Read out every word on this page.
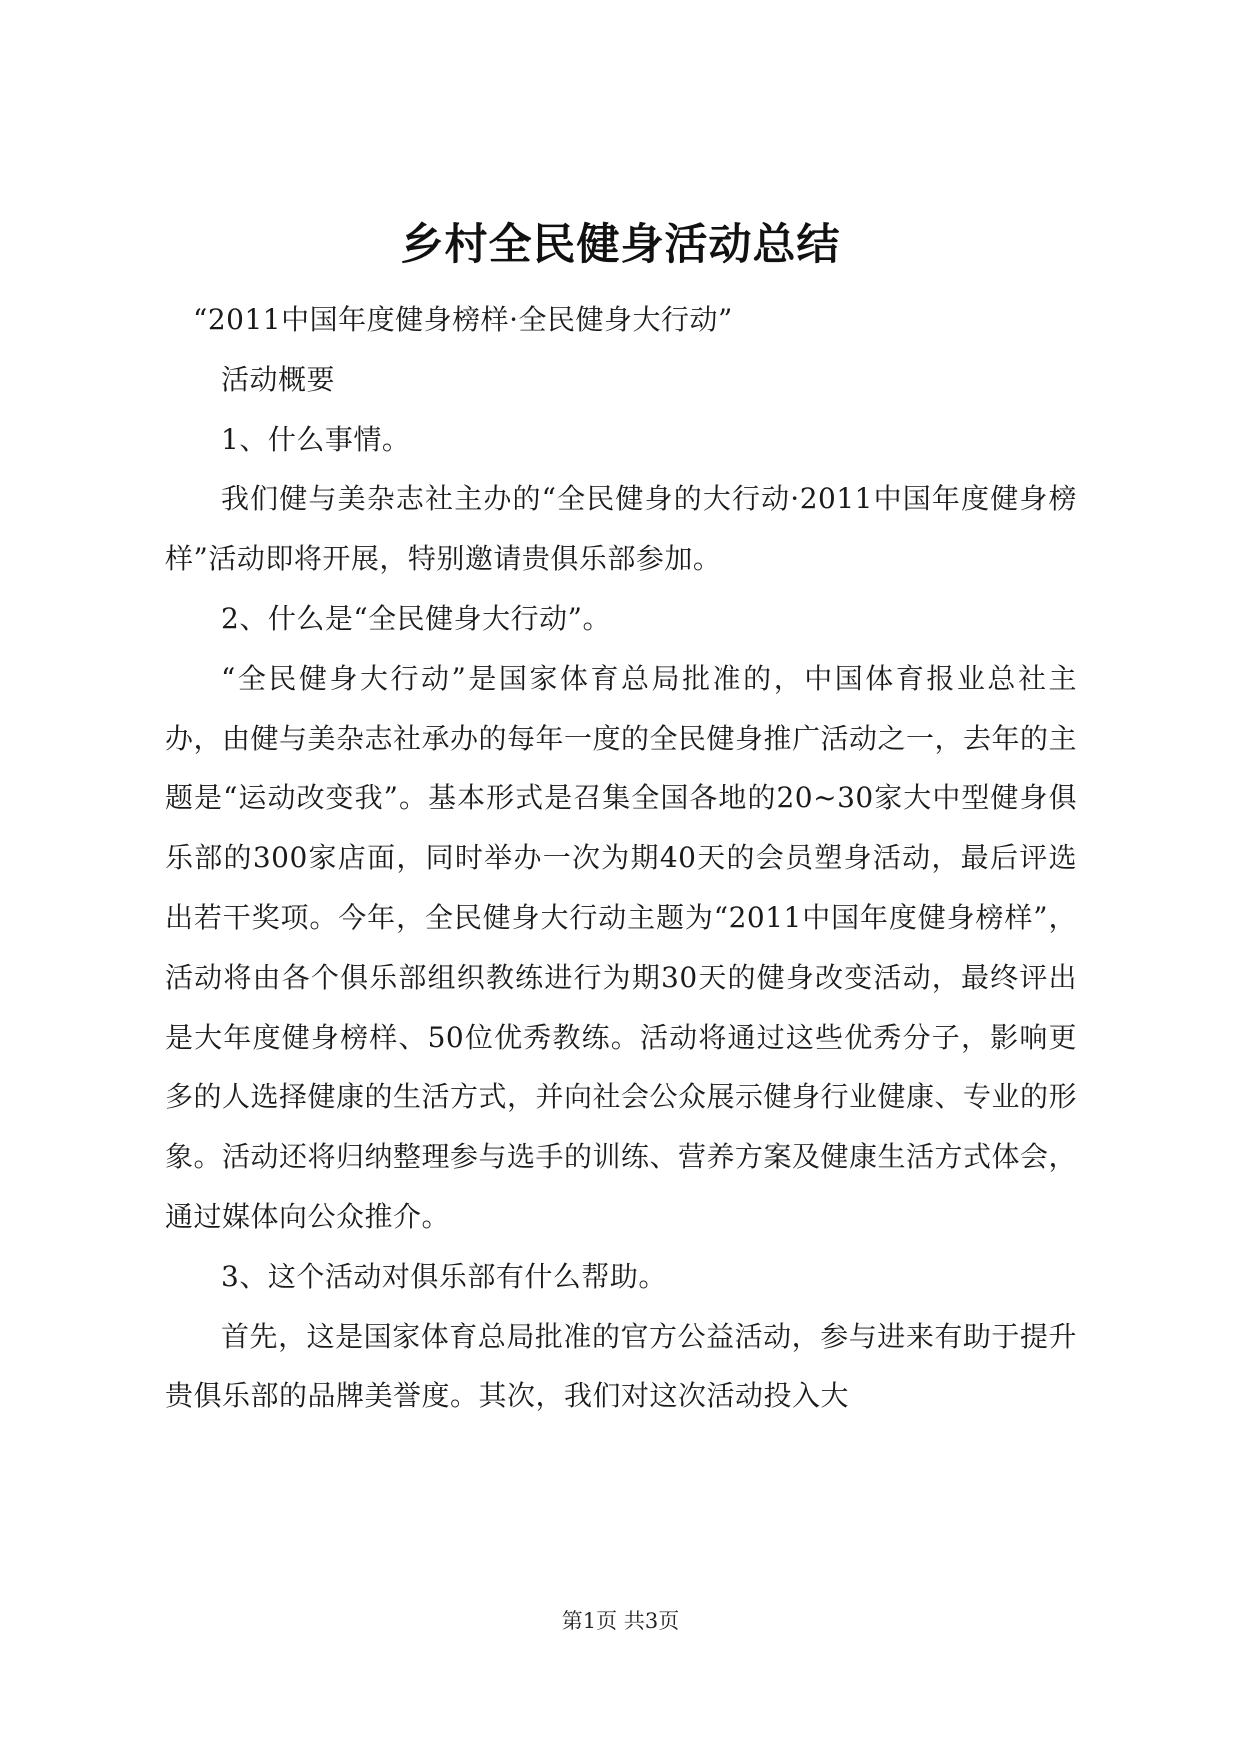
乡村全民健身活动总结

“2011中国年度健身榜样·全民健身大行动”

活动概要

1、什么事情。

我们健与美杂志社主办的“全民健身的大行动·2011中国年度健身榜样”活动即将开展，特别邀请贵俱乐部参加。

2、什么是“全民健身大行动”。

“全民健身大行动”是国家体育总局批准的，中国体育报业总社主办，由健与美杂志社承办的每年一度的全民健身推广活动之一，去年的主题是“运动改变我”。基本形式是召集全国各地的20~30家大中型健身俱乐部的300家店面，同时举办一次为期40天的会员塑身活动，最后评选出若干奖项。今年，全民健身大行动主题为“2011中国年度健身榜样”，活动将由各个俱乐部组织教练进行为期30天的健身改变活动，最终评出是大年度健身榜样、50位优秀教练。活动将通过这些优秀分子，影响更多的人选择健康的生活方式，并向社会公众展示健身行业健康、专业的形象。活动还将归纳整理参与选手的训练、营养方案及健康生活方式体会，通过媒体向公众推介。

3、这个活动对俱乐部有什么帮助。

首先，这是国家体育总局批准的官方公益活动，参与进来有助于提升贵俱乐部的品牌美誉度。其次，我们对这次活动投入大

第1页 共3页
